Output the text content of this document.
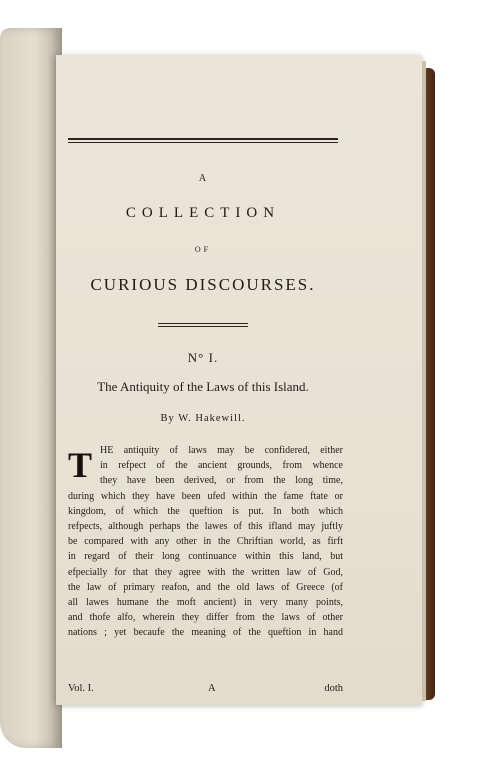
A
COLLECTION
OF
CURIOUS DISCOURSES.
N° I.
The Antiquity of the Laws of this Island.
By W. Hakewill.
T HE antiquity of laws may be confidered, either
in refpect of the ancient grounds, from whence
they have been derived, or from the long time,
during which they have been ufed within the fame ftate or
kingdom, of which the queftion is put. In both which
refpects, although perhaps the lawes of this ifland may juftly
be compared with any other in the Chriftian world, as firft
in regard of their long continuance within this land, but
efpecially for that they agree with the written law of God,
the law of primary reafon, and the old laws of Greece (of
all lawes humane the moft ancient) in very many points,
and thofe alfo, wherein they differ from the laws of other
nations ; yet becaufe the meaning of the queftion in hand
Vol. I.	A	doth
